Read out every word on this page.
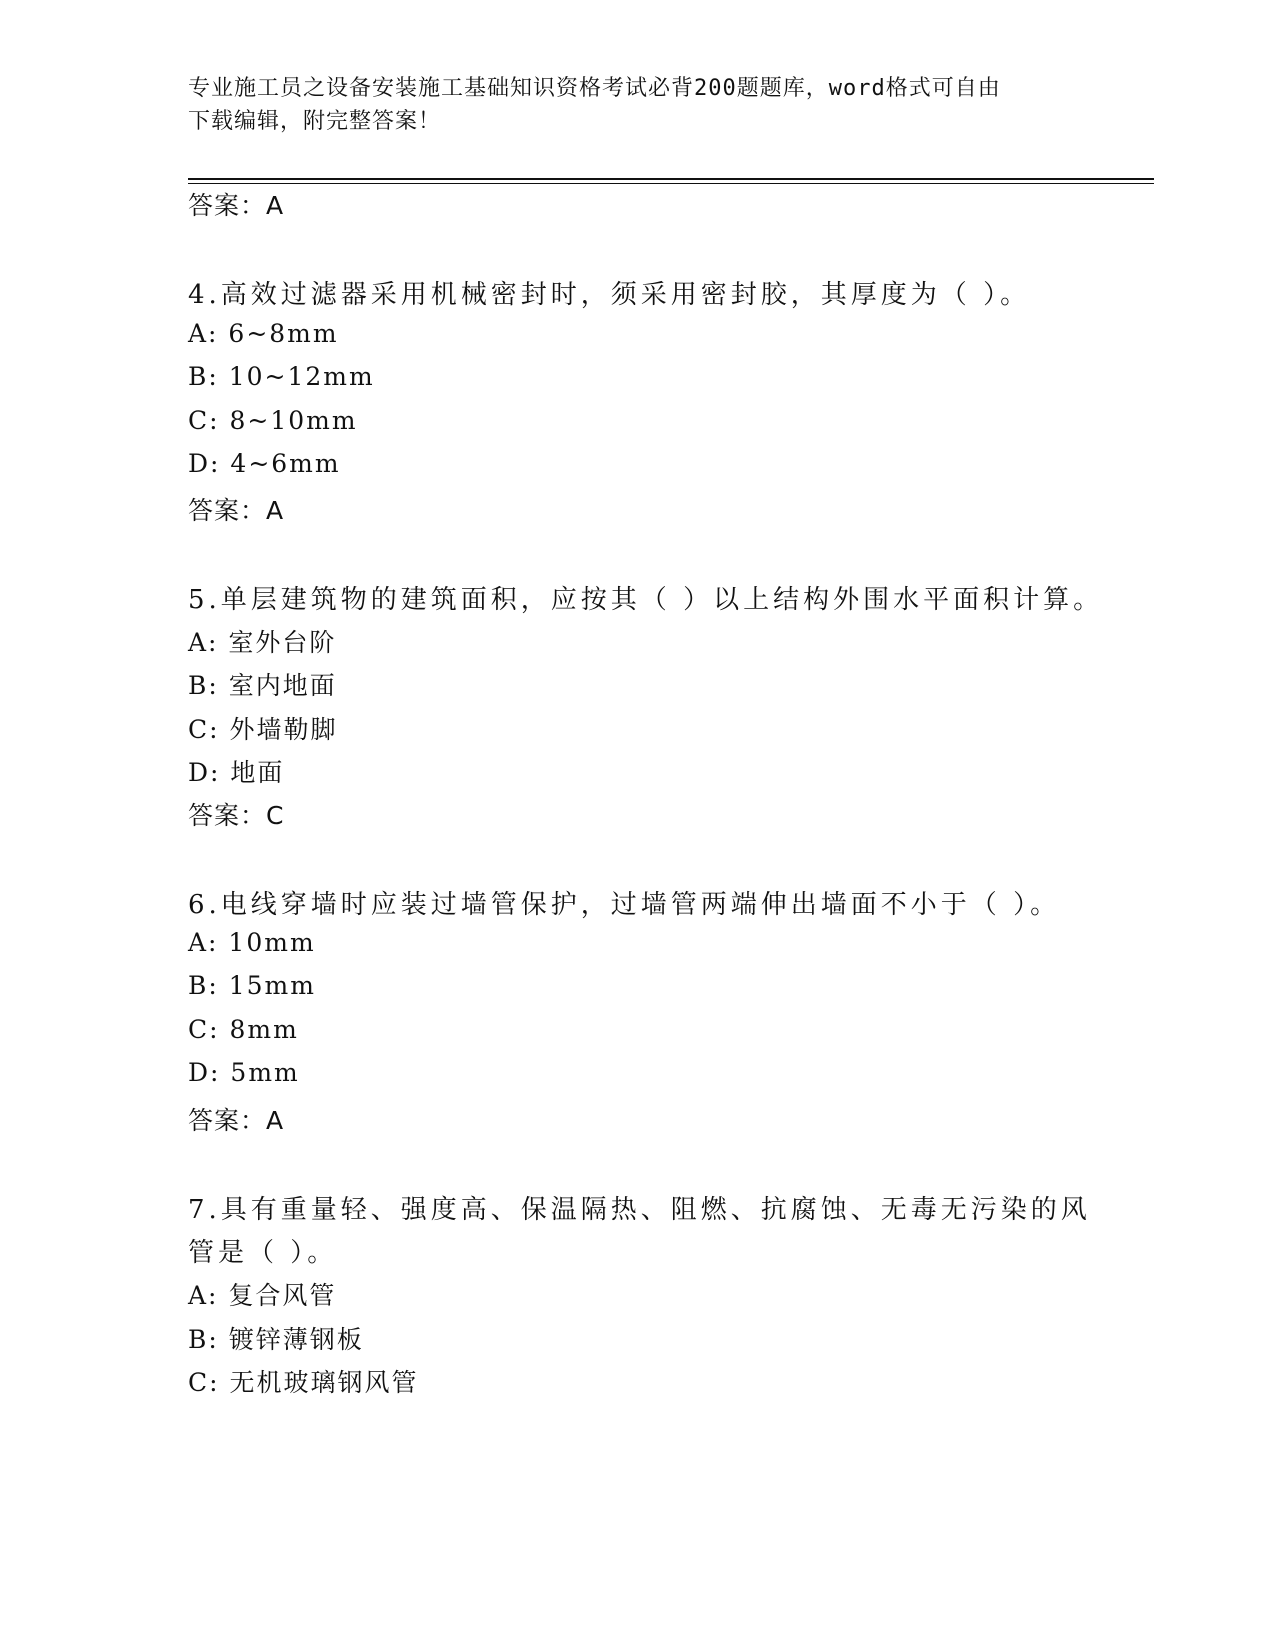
专业施工员之设备安装施工基础知识资格考试必背200题题库，word格式可自由
下载编辑，附完整答案！
答案：A
4.高效过滤器采用机械密封时，须采用密封胶，其厚度为（ ）。
A: 6~8mm
B: 10~12mm
C: 8~10mm
D: 4~6mm
答案：A
5.单层建筑物的建筑面积，应按其（ ）以上结构外围水平面积计算。
A: 室外台阶
B: 室内地面
C: 外墙勒脚
D: 地面
答案：C
6.电线穿墙时应装过墙管保护，过墙管两端伸出墙面不小于（ ）。
A: 10mm
B: 15mm
C: 8mm
D: 5mm
答案：A
7.具有重量轻、强度高、保温隔热、阻燃、抗腐蚀、无毒无污染的风
管是（ ）。
A: 复合风管
B: 镀锌薄钢板
C: 无机玻璃钢风管
